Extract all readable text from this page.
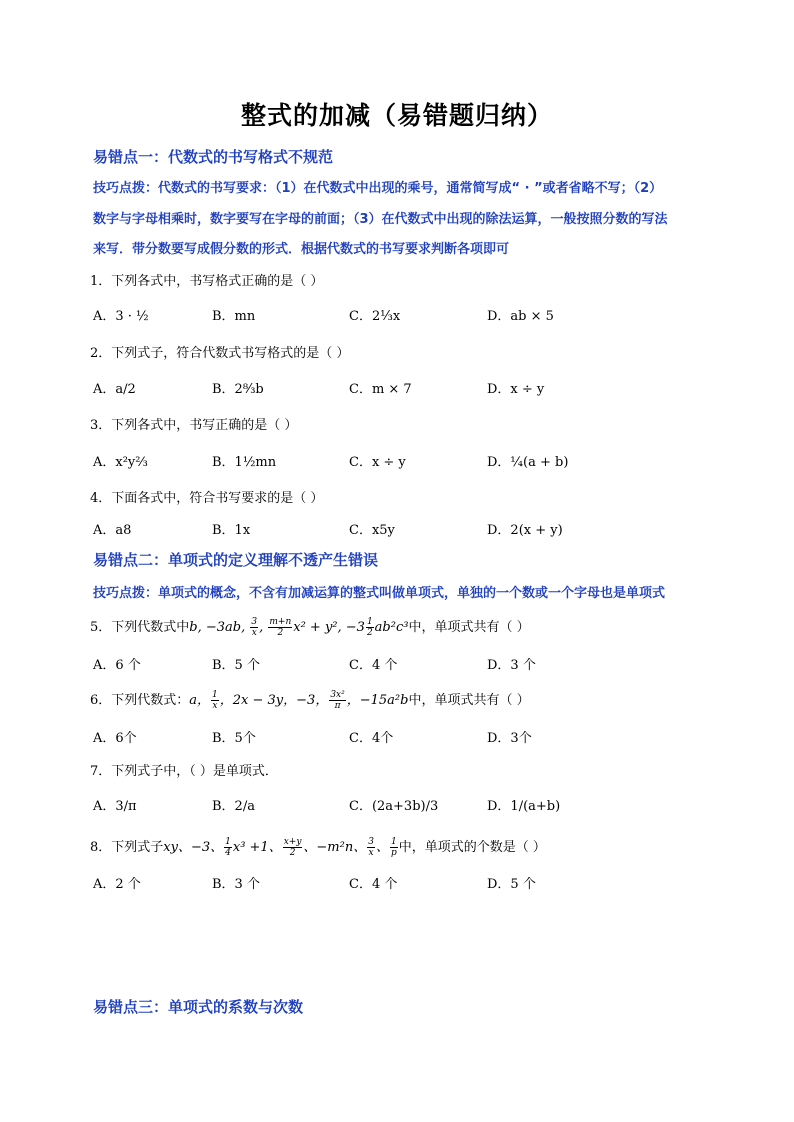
整式的加减（易错题归纳）
易错点一：代数式的书写格式不规范
技巧点拨：代数式的书写要求：（1）在代数式中出现的乘号，通常简写成“ · ”或者省略不写；（2）
数字与字母相乘时，数字要写在字母的前面；（3）在代数式中出现的除法运算，一般按照分数的写法
来写．带分数要写成假分数的形式．根据代数式的书写要求判断各项即可
1．下列各式中，书写格式正确的是（ ）
A．3 · ½	B．mn	C．2⅓x	D．ab × 5
2．下列式子，符合代数式书写格式的是（ ）
A．a/2	B．2⁸⁄₃b	C．m × 7	D．x ÷ y
3．下列各式中，书写正确的是（ ）
A．x²y⅔	B．1½mn	C．x ÷ y	D．¼(a + b)
4．下面各式中，符合书写要求的是（ ）
A．a8	B．1x	C．x5y	D．2(x + y)
易错点二：单项式的定义理解不透产生错误
技巧点拨：单项式的概念，不含有加减运算的整式叫做单项式，单独的一个数或一个字母也是单项式
5．下列代数式中b, −3ab, $\frac{3}{x}$ , $\frac{m+n}{2} x^2 + y^2$, $-3 \frac{1}{2} ab^2c^3$中，单项式共有（ ）
A．6 个	B．5 个	C．4 个	D．3 个
6．下列代数式：a， $\frac{1}{x}$ ，2x − 3y，−3， $\frac{\text{3x²}}{\pi}$ ，−15a²b中，单项式共有（ ）
A．6个	B．5个	C．4个	D．3个
7．下列式子中，（ ）是单项式．
A．3/π	B．2/a	C．(2a+3b)/3	D．1/(a+b)
8．下列式子xy、−3、 $\frac{1}{4} x^3 +1$、 $\frac{x+y}{2}$ 、−m²n、 $\frac{3}{x}$ 、 $\frac{1}{p}$ 中，单项式的个数是（ ）
A．2 个	B．3 个	C．4 个	D．5 个
易错点三：单项式的系数与次数
